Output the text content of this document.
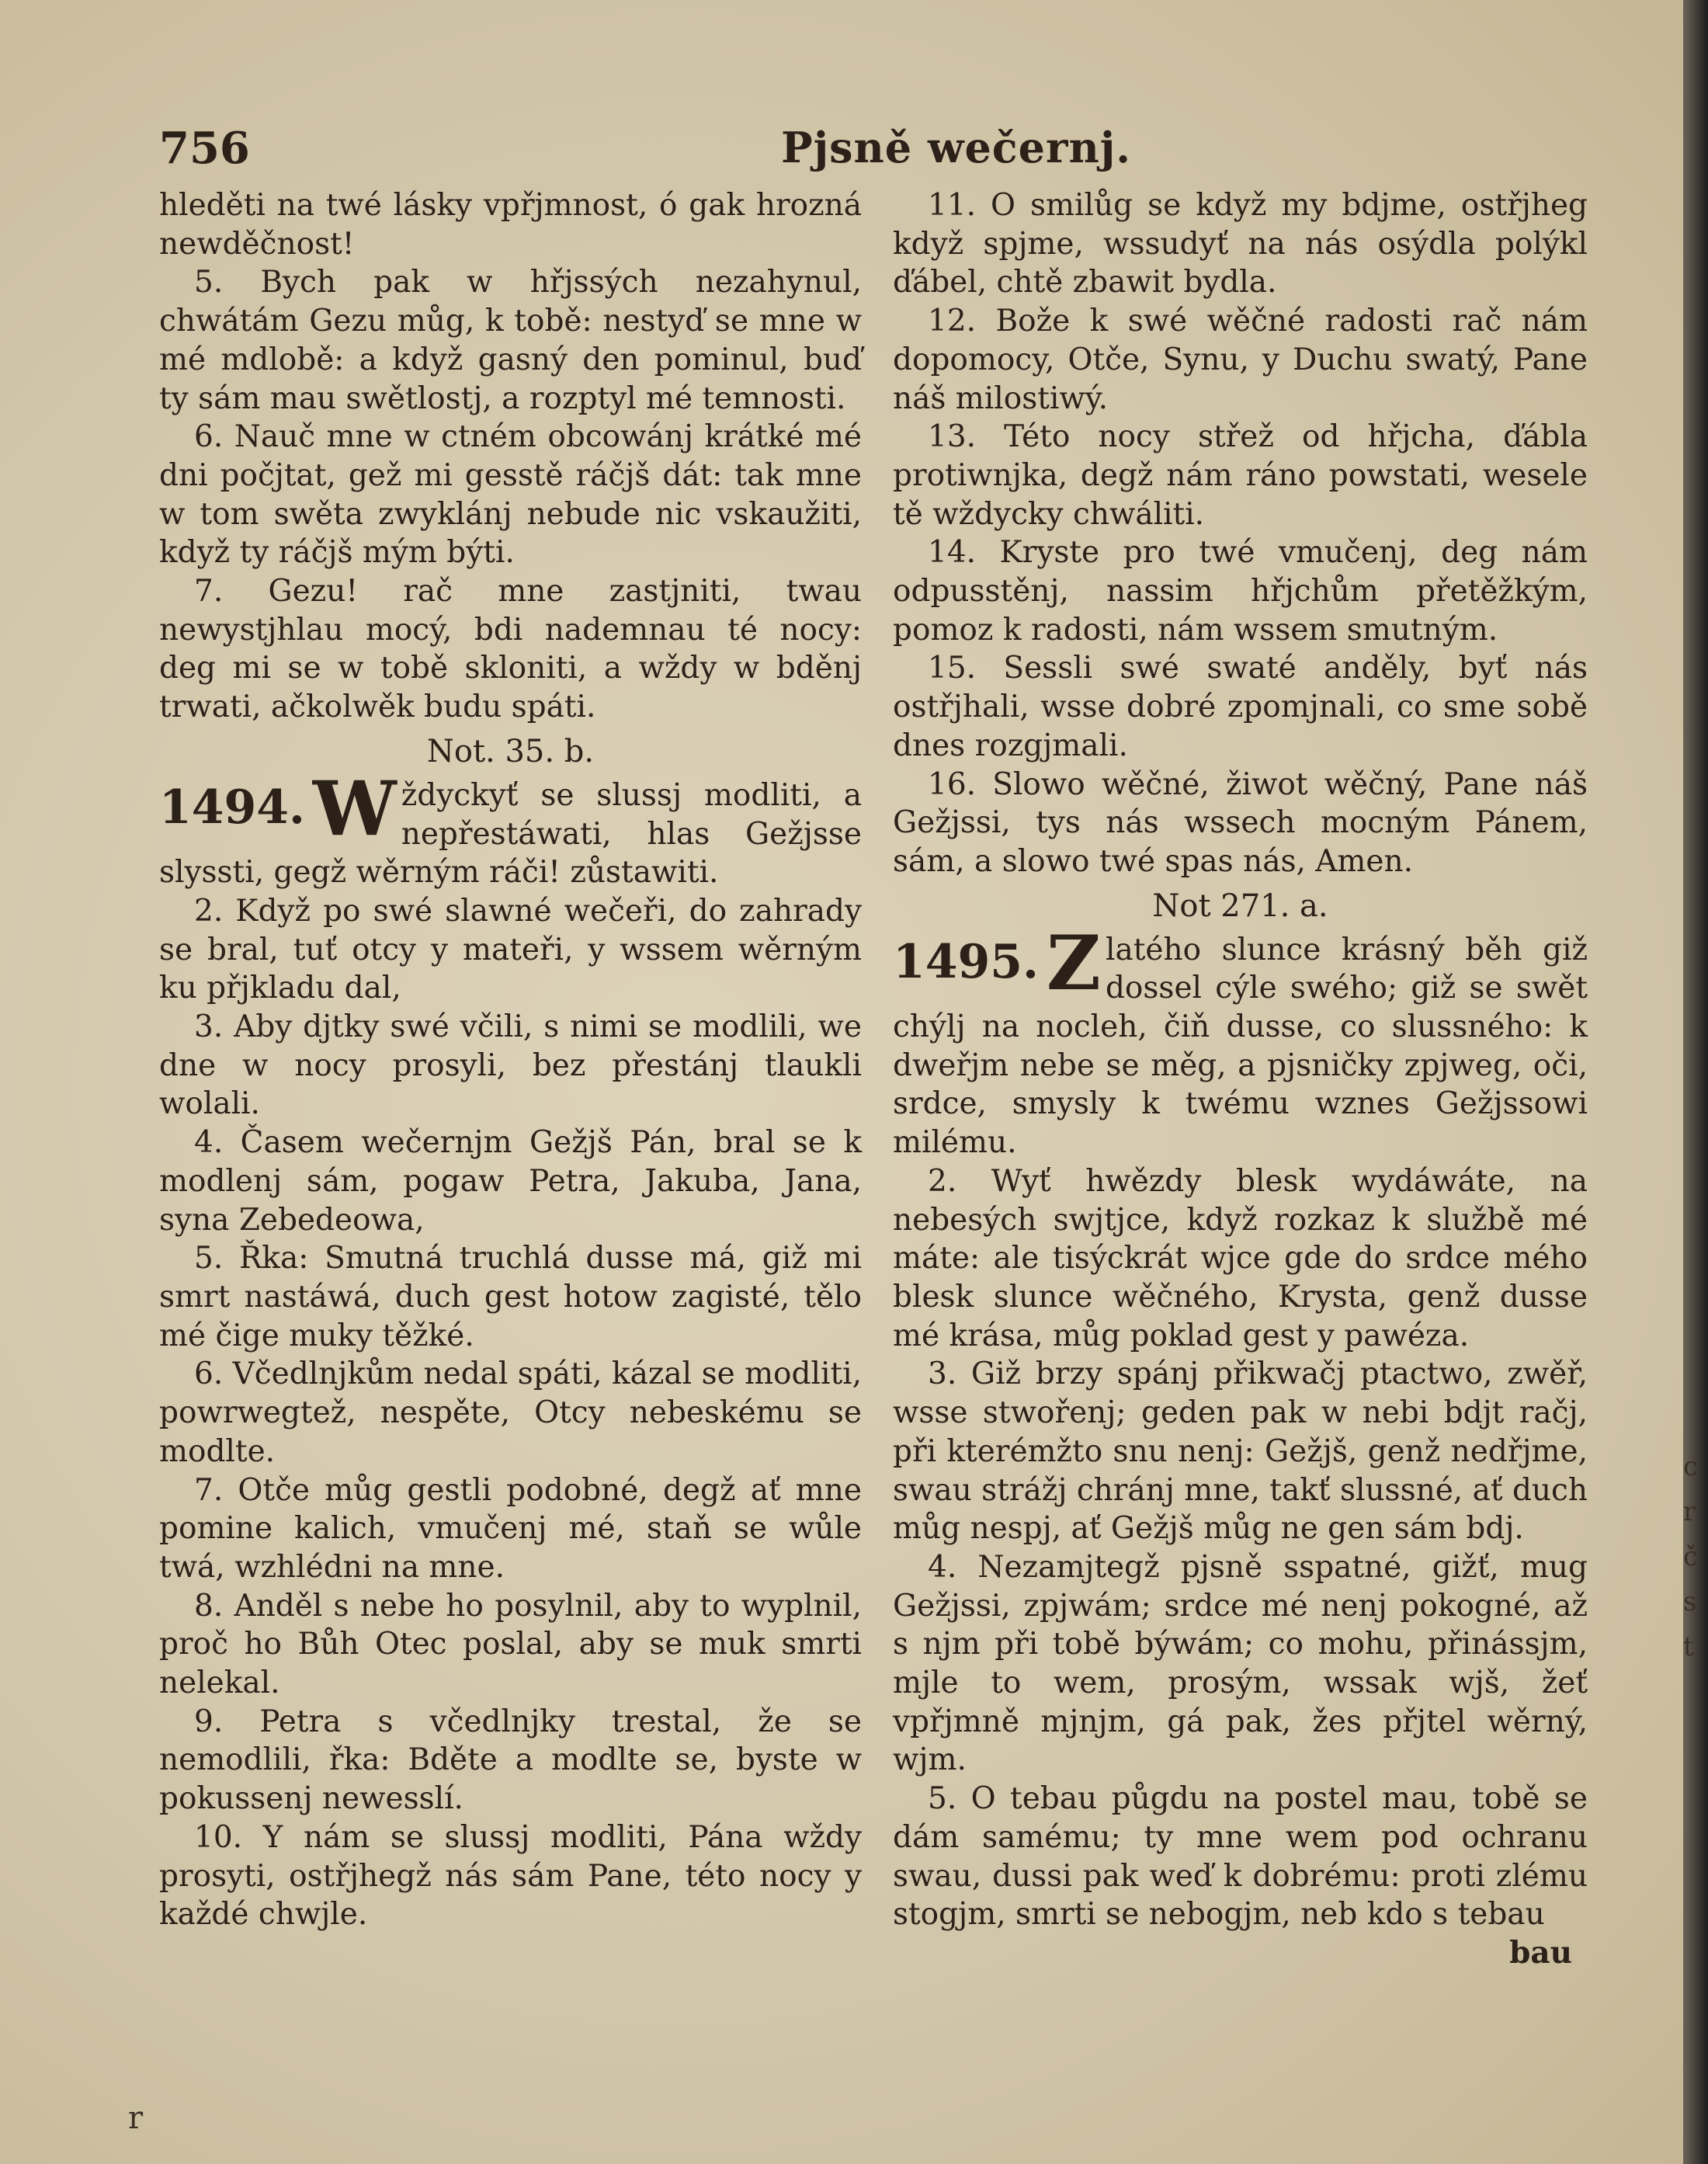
756	Pjsně wečernj.

hleděti na twé lásky vpřjmnost, ó gak hrozná newděčnost!

5. Bych pak w hřjssých nezahynul, chwátám Gezu můg, k tobě: nestyď se mne w mé mdlobě: a když gasný den pominul, buď ty sám mau swětlostj, a rozptyl mé temnosti.

6. Nauč mne w ctném obcowánj krátké mé dni počjtat, gež mi gesstě ráčjš dát: tak mne w tom swěta zwyklánj nebude nic vskaužiti, když ty ráčjš mým býti.

7. Gezu! rač mne zastjniti, twau newystjhlau mocý, bdi nademnau té nocy: deg mi se w tobě skloniti, a wždy w bděnj trwati, ačkolwěk budu spáti.

Not. 35. b.
1494. W ždyckyť se slussj modliti, a nepřestáwati, hlas Gežjsse slyssti, gegž wěrným ráči! zůstawiti.

2. Když po swé slawné wečeři, do zahrady se bral, tuť otcy y mateři, y wssem wěrným ku přjkladu dal,

3. Aby djtky swé včili, s nimi se modlili, we dne w nocy prosyli, bez přestánj tlaukli wolali.

4. Časem wečernjm Gežjš Pán, bral se k modlenj sám, pogaw Petra, Jakuba, Jana, syna Zebedeowa,

5. Řka: Smutná truchlá dusse má, giž mi smrt nastáwá, duch gest hotow zagisté, tělo mé čige muky těžké.

6. Včedlnjkům nedal spáti, kázal se modliti, powrwegtež, nespěte, Otcy nebeskému se modlte.

7. Otče můg gestli podobné, degž ať mne pomine kalich, vmučenj mé, staň se wůle twá, wzhlédni na mne.

8. Anděl s nebe ho posylnil, aby to wyplnil, proč ho Bůh Otec poslal, aby se muk smrti nelekal.

9. Petra s včedlnjky trestal, že se nemodlili, řka: Bděte a modlte se, byste w pokussenj newesslí.

10. Y nám se slussj modliti, Pána wždy prosyti, ostřjhegž nás sám Pane, této nocy y každé chwjle.

11. O smilůg se když my bdjme, ostřjheg když spjme, wssudyť na nás osýdla polýkl ďábel, chtě zbawit bydla.

12. Bože k swé wěčné radosti rač nám dopomocy, Otče, Synu, y Duchu swatý, Pane náš milostiwý.

13. Této nocy střež od hřjcha, ďábla protiwnjka, degž nám ráno powstati, wesele tě wždycky chwáliti.

14. Kryste pro twé vmučenj, deg nám odpusstěnj, nassim hřjchům přetěžkým, pomoz k radosti, nám wssem smutným.

15. Sessli swé swaté anděly, byť nás ostřjhali, wsse dobré zpomjnali, co sme sobě dnes rozgjmali.

16. Slowo wěčné, žiwot wěčný, Pane náš Gežjssi, tys nás wssech mocným Pánem, sám, a slowo twé spas nás, Amen.

Not 271. a.
1495. Z latého slunce krásný běh giž dossel cýle swého; giž se swět chýlj na nocleh, čiň dusse, co slussného: k dweřjm nebe se měg, a pjsničky zpjweg, oči, srdce, smysly k twému wznes Gežjssowi milému.

2. Wyť hwězdy blesk wydáwáte, na nebesých swjtjce, když rozkaz k službě mé máte: ale tisýckrát wjce gde do srdce mého blesk slunce wěčného, Krysta, genž dusse mé krása, můg poklad gest y pawéza.

3. Giž brzy spánj přikwačj ptactwo, zwěř, wsse stwořenj; geden pak w nebi bdjt račj, při kterémžto snu nenj: Gežjš, genž nedřjme, swau strážj chránj mne, takť slussné, ať duch můg nespj, ať Gežjš můg ne gen sám bdj.

4. Nezamjtegž pjsně sspatné, gižť, mug Gežjssi, zpjwám; srdce mé nenj pokogné, až s njm při tobě býwám; co mohu, přinássjm, mjle to wem, prosým, wssak wjš, žeť vpřjmně mjnjm, gá pak, žes přjtel wěrný, wjm.

5. O tebau půgdu na postel mau, tobě se dám samému; ty mne wem pod ochranu swau, dussi pak weď k dobrému: proti zlému stogjm, smrti se nebogjm, neb kdo s tebau

bau
r
c
r
č
s
t
